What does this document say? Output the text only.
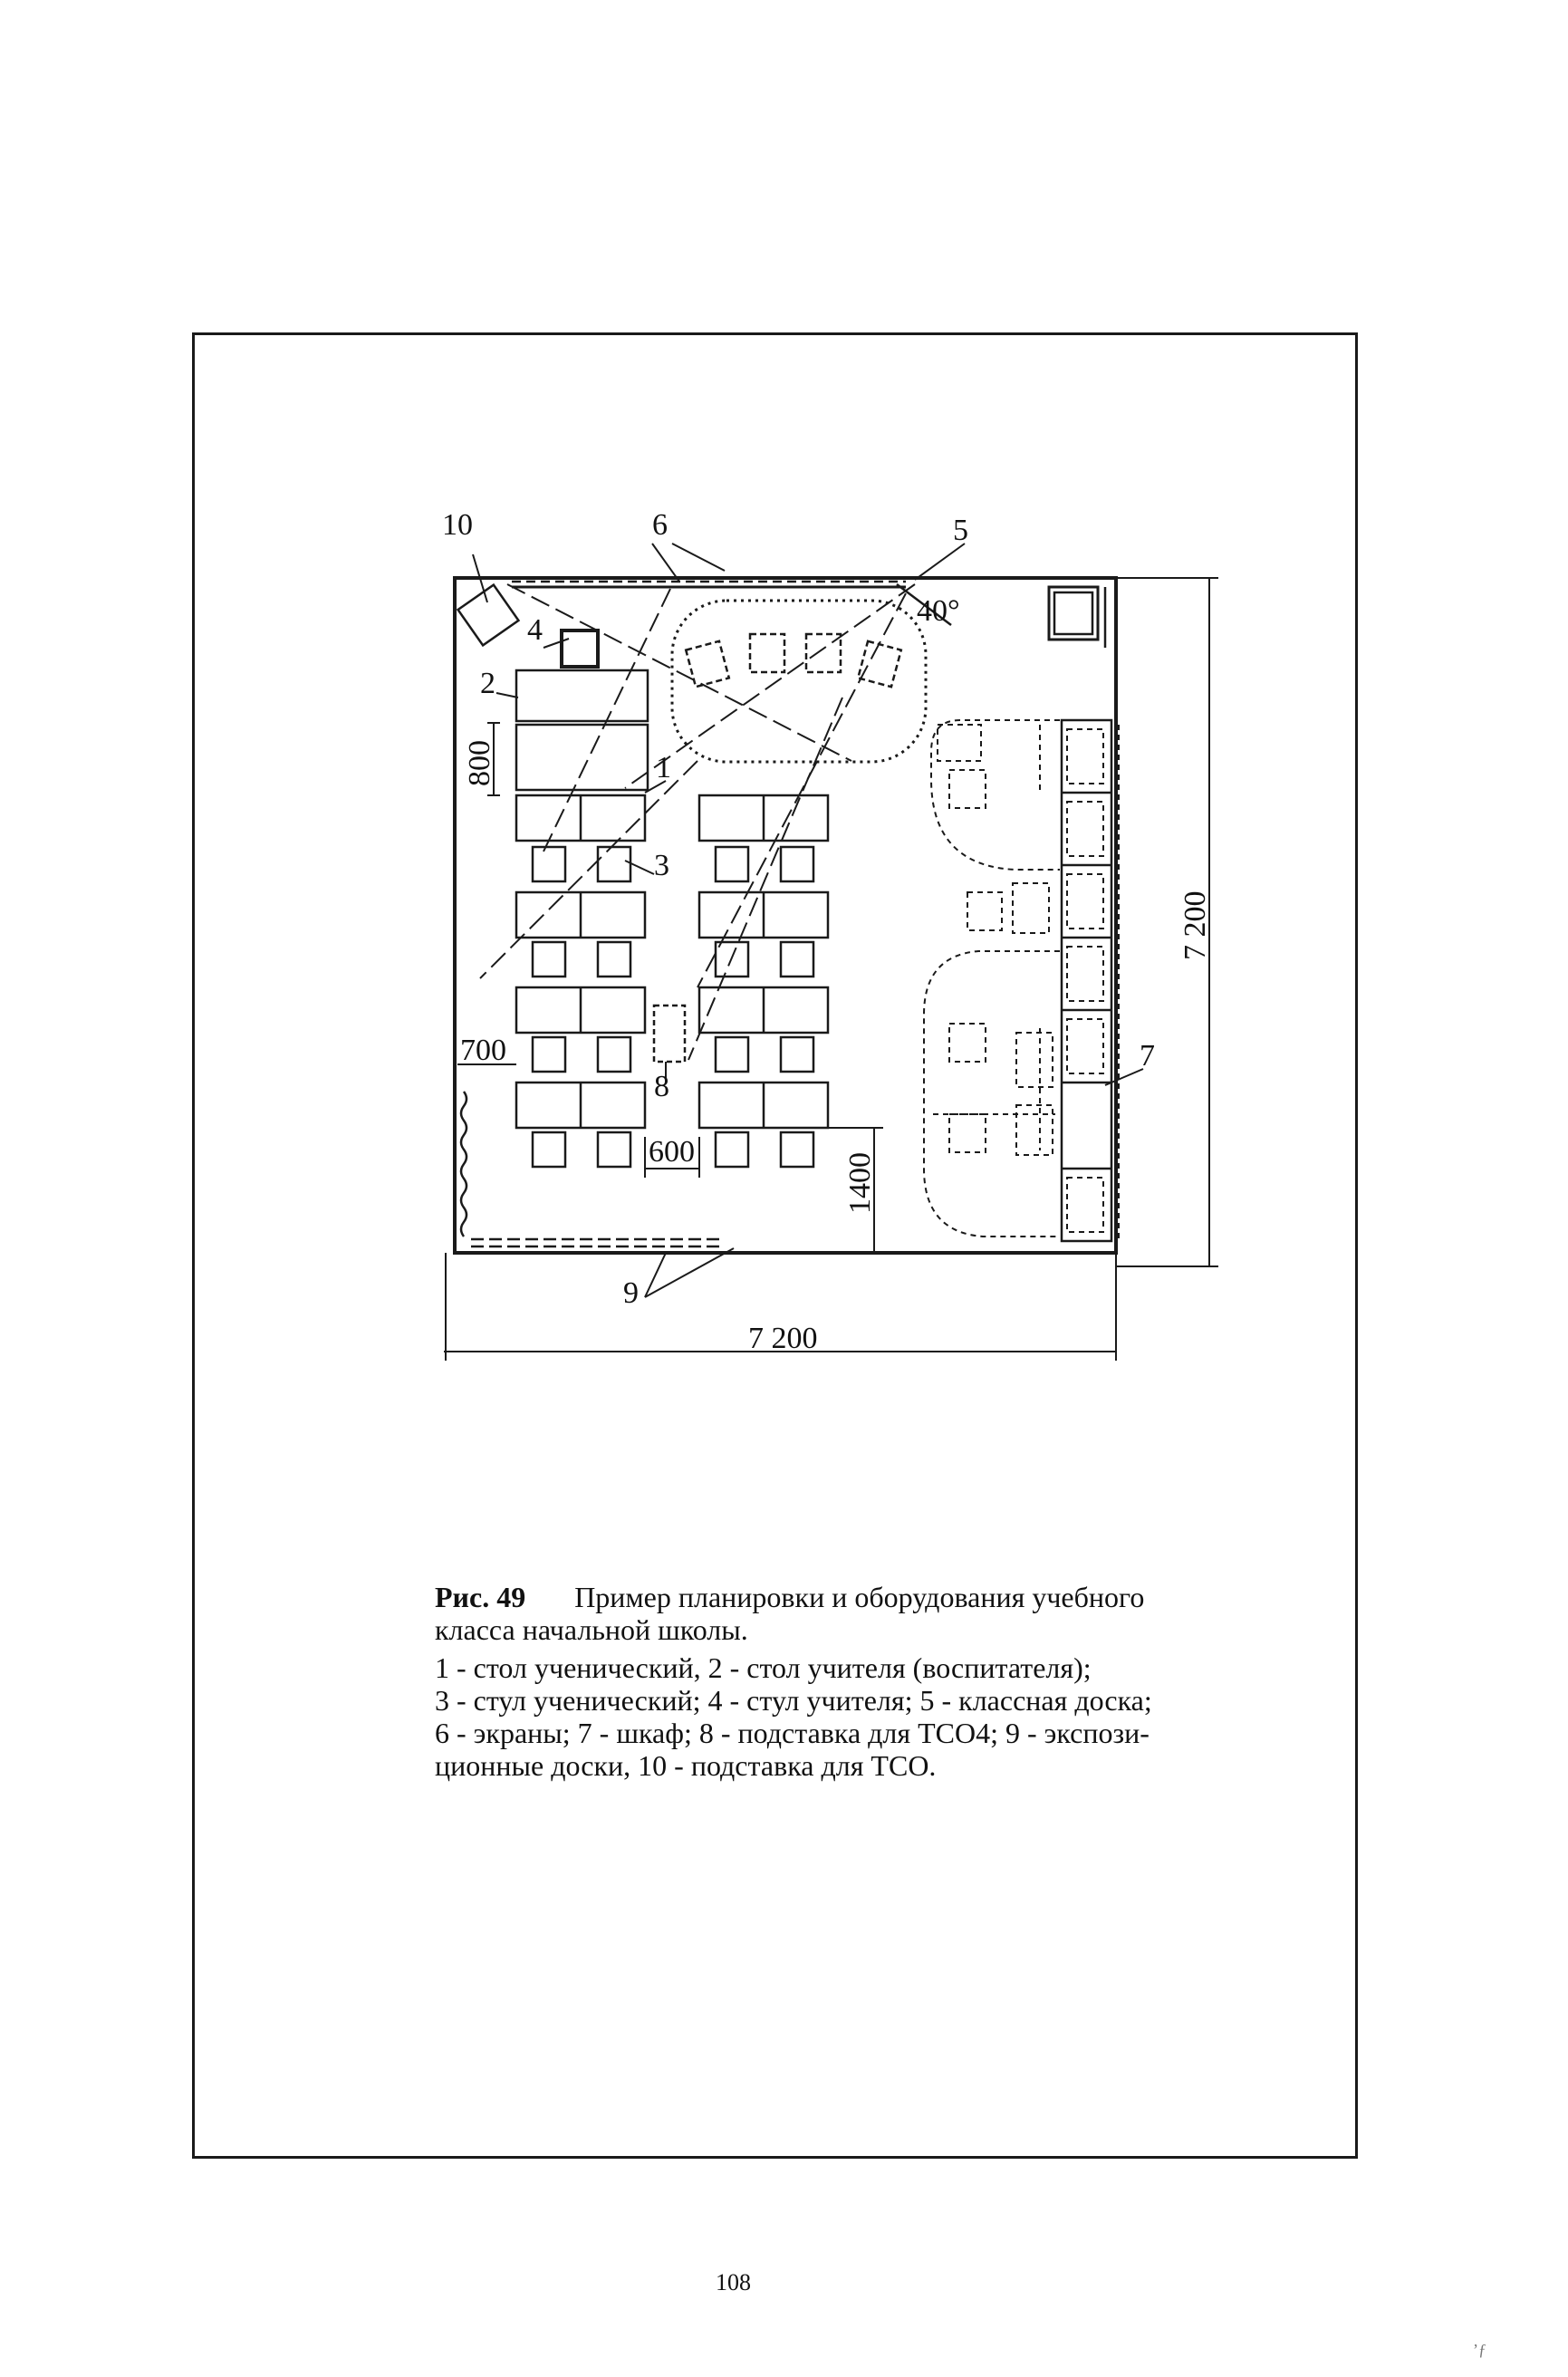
10	6	5
40°
4
2
1
3
8
7
9
800
700
600
1400
7 200
7 200

Рис. 49 Пример планировки и оборудования учебного класса начальной школы.

1 - стол ученический, 2 - стол учителя (воспитателя);

3 - стул ученический; 4 - стул учителя; 5 - классная доска;

6 - экраны; 7 - шкаф; 8 - подставка для ТСО4; 9 - экспози-

ционные доски, 10 - подставка для ТСО.

108
ʼƒ
